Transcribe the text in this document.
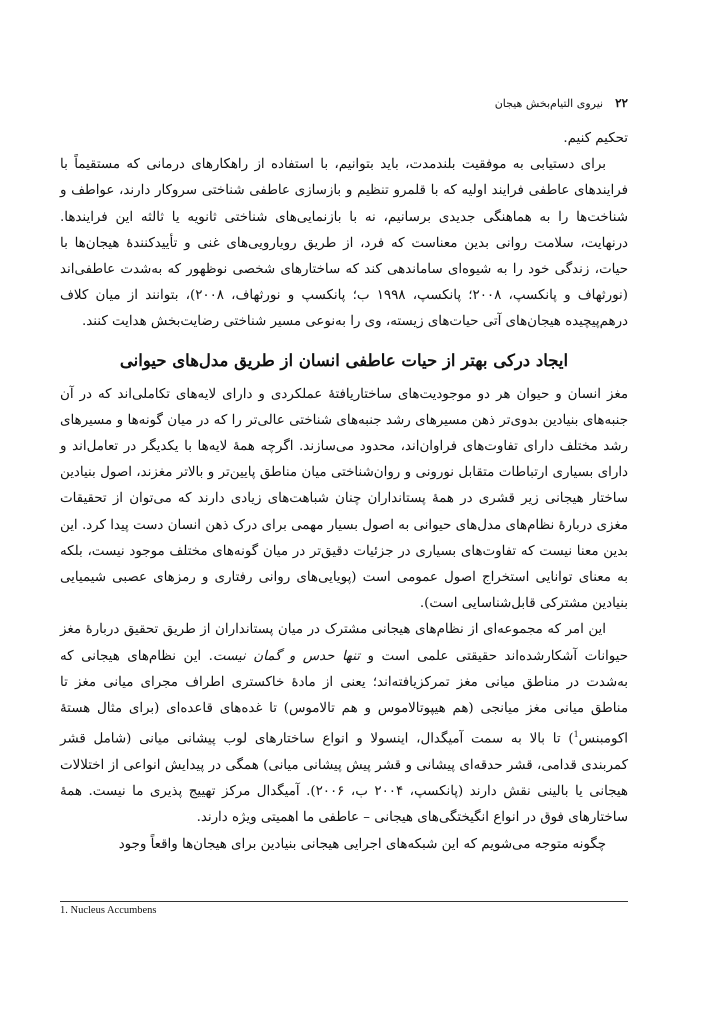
۲۲
نیروی التیام‌بخش هیجان

تحکیم کنیم.

برای دستیابی به موفقیت بلندمدت، باید بتوانیم، با استفاده از راهکارهای درمانی که مستقیماً با فرایندهای عاطفی فرایند اولیه که با قلمرو تنظیم و بازسازی عاطفی شناختی سروکار دارند، عواطف و شناخت‌ها را به هماهنگی جدیدی برسانیم، نه با بازنمایی‌های شناختی ثانویه یا ثالثه این فرایندها. درنهایت، سلامت روانی بدین معناست که فرد، از طریق رویارویی‌های غنی و تأییدکنندهٔ هیجان‌ها با حیات، زندگی خود را به شیوه‌ای ساماندهی کند که ساختارهای شخصی نوظهور که به‌شدت عاطفی‌اند (نورثهاف و پانکسپ، ۲۰۰۸؛ پانکسپ، ۱۹۹۸ ب؛ پانکسپ و نورثهاف، ۲۰۰۸)، بتوانند از میان کلاف درهم‌پیچیده هیجان‌های آتی حیات‌های زیسته، وی را به‌نوعی مسیر شناختی رضایت‌بخش هدایت کنند.

ایجاد درکی بهتر از حیات عاطفی انسان از طریق مدل‌های حیوانی

مغز انسان و حیوان هر دو موجودیت‌های ساختاریافتهٔ عملکردی و دارای لایه‌های تکاملی‌اند که در آن جنبه‌های بنیادین بدوی‌تر ذهن مسیرهای رشد جنبه‌های شناختی عالی‌تر را که در میان گونه‌ها و مسیرهای رشد مختلف دارای تفاوت‌های فراوان‌اند، محدود می‌سازند. اگرچه همهٔ لایه‌ها با یکدیگر در تعامل‌اند و دارای بسیاری ارتباطات متقابل نورونی و روان‌شناختی میان مناطق پایین‌تر و بالاتر مغزند، اصول بنیادین ساختار هیجانی زیر قشری در همهٔ پستانداران چنان شباهت‌های زیادی دارند که می‌توان از تحقیقات مغزی دربارهٔ نظام‌های مدل‌های حیوانی به اصول بسیار مهمی برای درک ذهن انسان دست پیدا کرد. این بدین معنا نیست که تفاوت‌های بسیاری در جزئیات دقیق‌تر در میان گونه‌های مختلف موجود نیست، بلکه به معنای توانایی استخراج اصول عمومی است (پویایی‌های روانی رفتاری و رمزهای عصبی شیمیایی بنیادین مشترکی قابل‌شناسایی است).

این امر که مجموعه‌ای از نظام‌های هیجانی مشترک در میان پستانداران از طریق تحقیق دربارهٔ مغز حیوانات آشکارشده‌اند حقیقتی علمی است و تنها حدس و گمان نیست. این نظام‌های هیجانی که به‌شدت در مناطق میانی مغز تمرکزیافته‌اند؛ یعنی از مادهٔ خاکستری اطراف مجرای میانی مغز تا مناطق میانی مغز میانجی (هم هیپوتالاموس و هم تالاموس) تا غده‌های قاعده‌ای (برای مثال هستهٔ اکومبنس$^1$) تا بالا به سمت آمیگدال، اینسولا و انواع ساختارهای لوب پیشانی میانی (شامل قشر کمربندی قدامی، قشر حدقه‌ای پیشانی و قشر پیش پیشانی میانی) همگی در پیدایش انواعی از اختلالات هیجانی یا بالینی نقش دارند (پانکسپ، ۲۰۰۴ ب، ۲۰۰۶). آمیگدال مرکز تهییج پذیری ما نیست. همهٔ ساختارهای فوق در انواع انگیختگی‌های هیجانی – عاطفی ما اهمیتی ویژه دارند.

چگونه متوجه می‌شویم که این شبکه‌های اجرایی هیجانی بنیادین برای هیجان‌ها واقعاً وجود

1. Nucleus Accumbens
